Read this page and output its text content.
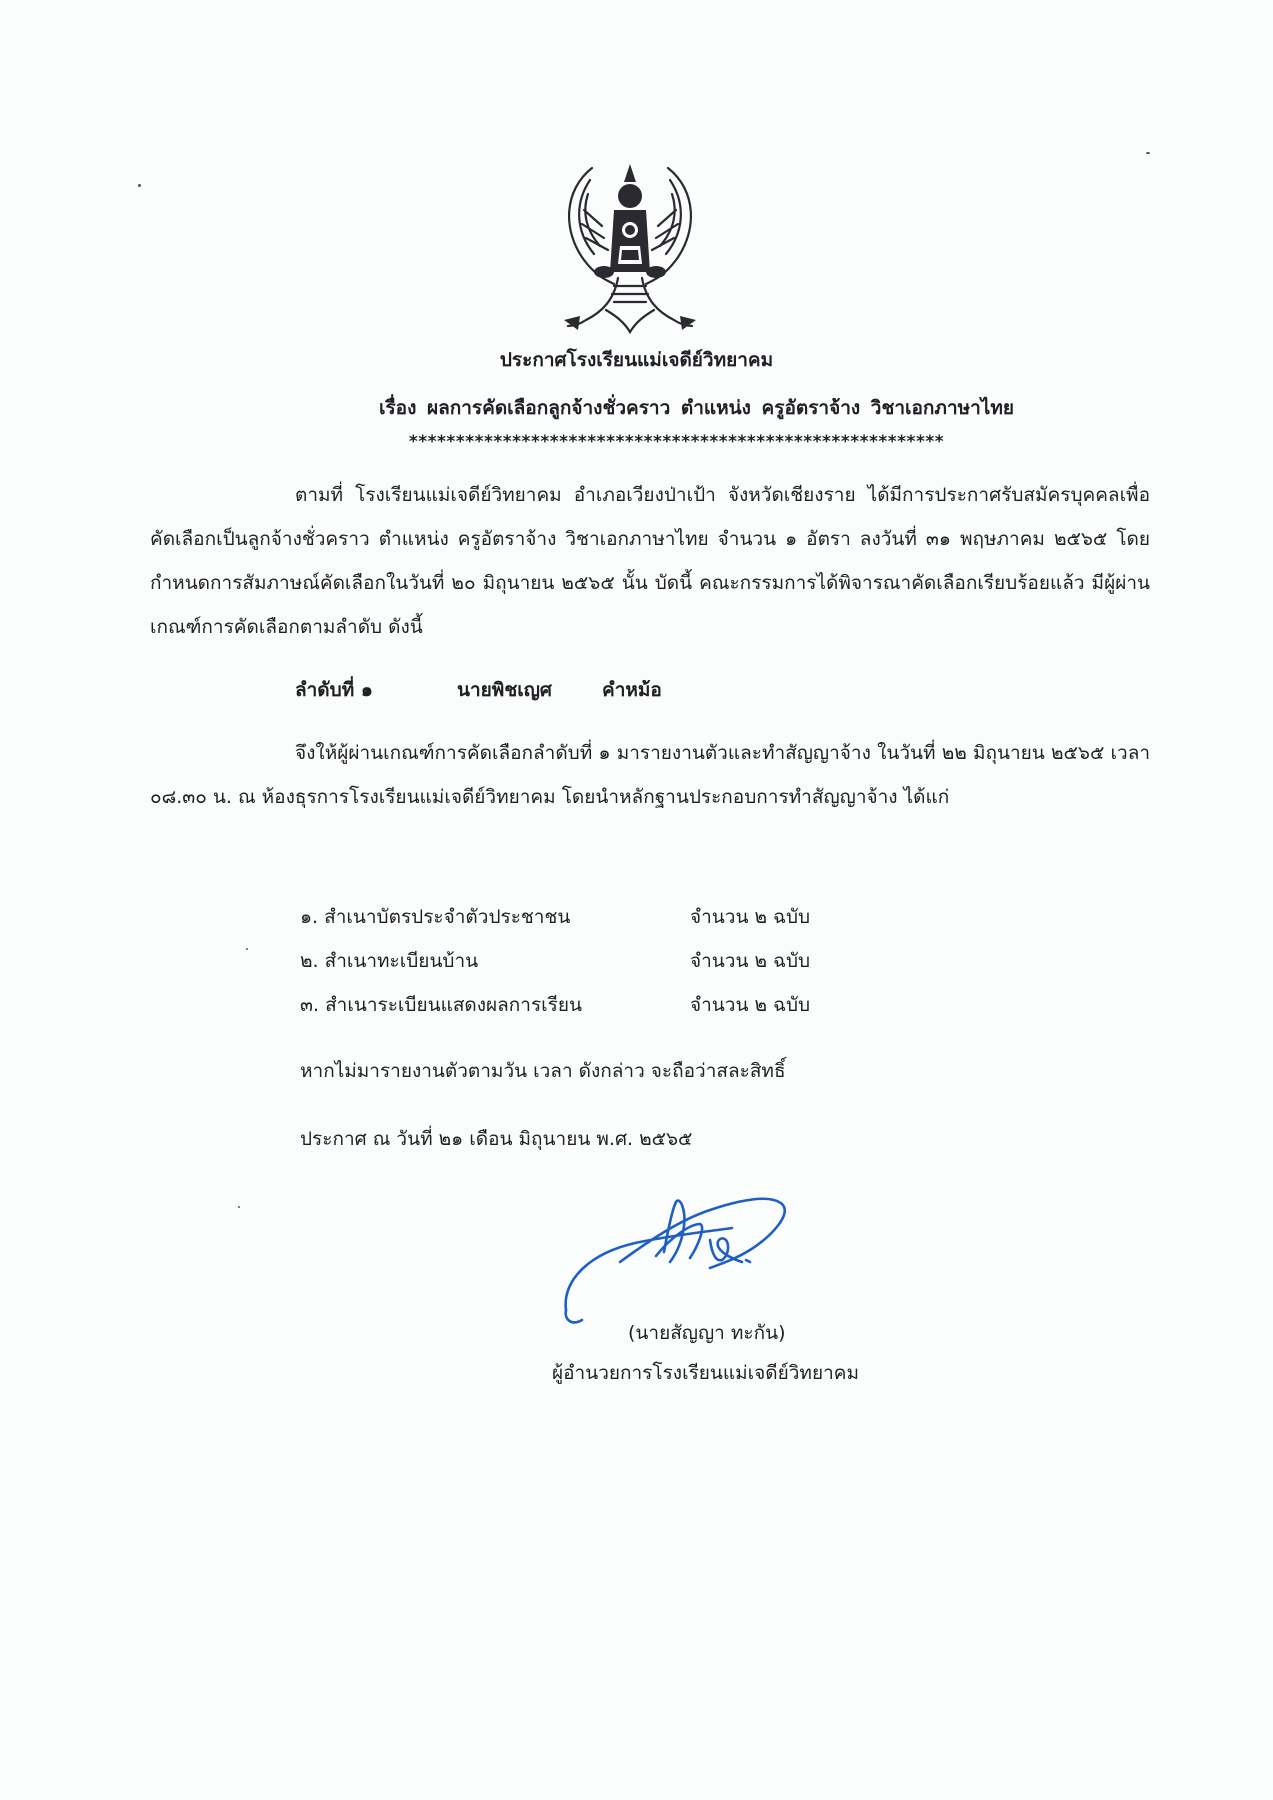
ประกาศโรงเรียนแม่เจดีย์วิทยาคม
เรื่อง ผลการคัดเลือกลูกจ้างชั่วคราว ตำแหน่ง ครูอัตราจ้าง วิชาเอกภาษาไทย
*********************************************************
ตามที่ โรงเรียนแม่เจดีย์วิทยาคม อำเภอเวียงป่าเป้า จังหวัดเชียงราย ได้มีการประกาศรับสมัครบุคคลเพื่อคัดเลือกเป็นลูกจ้างชั่วคราว ตำแหน่ง ครูอัตราจ้าง วิชาเอกภาษาไทย จำนวน ๑ อัตรา ลงวันที่ ๓๑ พฤษภาคม ๒๕๖๕ โดยกำหนดการสัมภาษณ์คัดเลือกในวันที่ ๒๐ มิถุนายน ๒๕๖๕ นั้น บัดนี้ คณะกรรมการได้พิจารณาคัดเลือกเรียบร้อยแล้ว มีผู้ผ่านเกณฑ์การคัดเลือกตามลำดับ ดังนี้
ลำดับที่ ๑	นายพิชเญศ	คำหม้อ
จึงให้ผู้ผ่านเกณฑ์การคัดเลือกลำดับที่ ๑ มารายงานตัวและทำสัญญาจ้าง ในวันที่ ๒๒ มิถุนายน ๒๕๖๕ เวลา ๐๘.๓๐ น. ณ ห้องธุรการโรงเรียนแม่เจดีย์วิทยาคม โดยนำหลักฐานประกอบการทำสัญญาจ้าง ได้แก่
๑. สำเนาบัตรประจำตัวประชาชน	จำนวน ๒ ฉบับ
๒. สำเนาทะเบียนบ้าน	จำนวน ๒ ฉบับ
๓. สำเนาระเบียนแสดงผลการเรียน	จำนวน ๒ ฉบับ
หากไม่มารายงานตัวตามวัน เวลา ดังกล่าว จะถือว่าสละสิทธิ์
ประกาศ ณ วันที่ ๒๑ เดือน มิถุนายน พ.ศ. ๒๕๖๕
(นายสัญญา ทะกัน)
ผู้อำนวยการโรงเรียนแม่เจดีย์วิทยาคม
